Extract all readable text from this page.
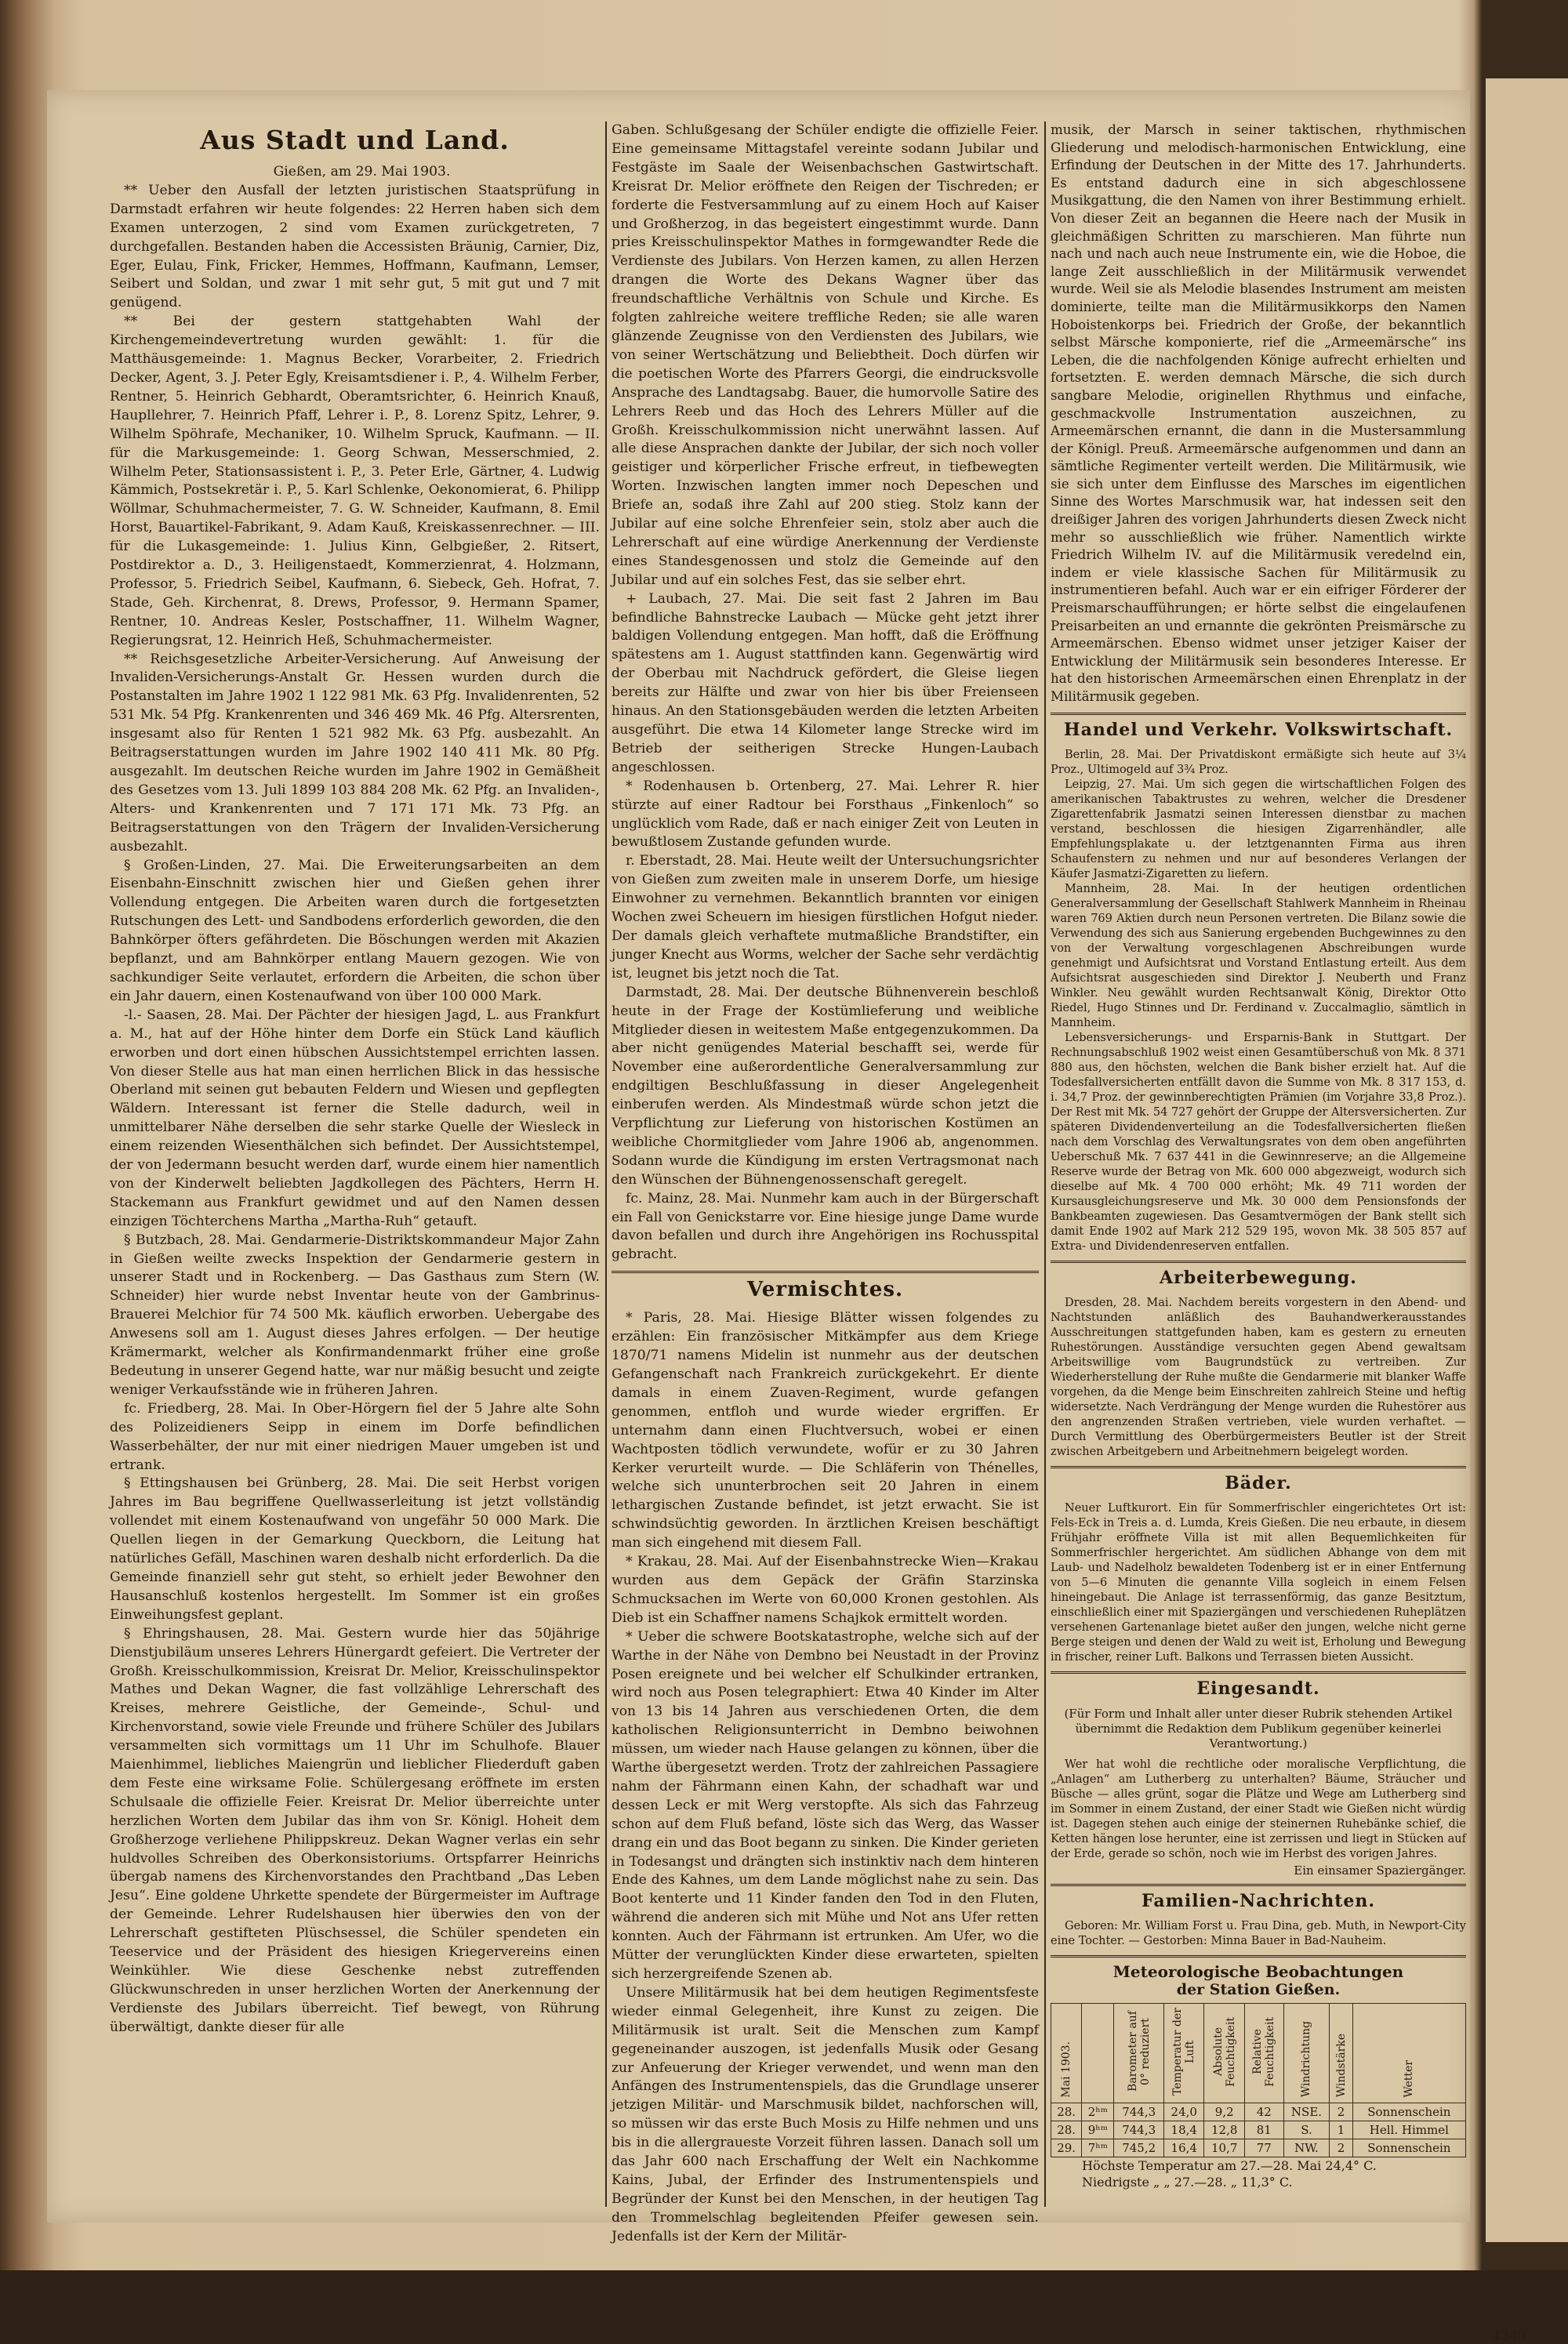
4340
Aus Stadt und Land.

Gießen, am 29. Mai 1903.

** Ueber den Ausfall der letzten juristischen Staatsprüfung in Darmstadt erfahren wir heute folgendes: 22 Herren haben sich dem Examen unterzogen, 2 sind vom Examen zurückgetreten, 7 durchgefallen. Bestanden haben die Accessisten Bräunig, Carnier, Diz, Eger, Eulau, Fink, Fricker, Hemmes, Hoffmann, Kaufmann, Lemser, Seibert und Soldan, und zwar 1 mit sehr gut, 5 mit gut und 7 mit genügend.

** Bei der gestern stattgehabten Wahl der Kirchengemeindevertretung wurden gewählt: 1. für die Matthäusgemeinde: 1. Magnus Becker, Vorarbeiter, 2. Friedrich Decker, Agent, 3. J. Peter Egly, Kreisamtsdiener i. P., 4. Wilhelm Ferber, Rentner, 5. Heinrich Gebhardt, Oberamtsrichter, 6. Heinrich Knauß, Haupllehrer, 7. Heinrich Pfaff, Lehrer i. P., 8. Lorenz Spitz, Lehrer, 9. Wilhelm Spöhrafe, Mechaniker, 10. Wilhelm Spruck, Kaufmann. — II. für die Markusgemeinde: 1. Georg Schwan, Messerschmied, 2. Wilhelm Peter, Stationsassistent i. P., 3. Peter Erle, Gärtner, 4. Ludwig Kämmich, Postsekretär i. P., 5. Karl Schlenke, Oekonomierat, 6. Philipp Wöllmar, Schuhmachermeister, 7. G. W. Schneider, Kaufmann, 8. Emil Horst, Bauartikel-Fabrikant, 9. Adam Kauß, Kreiskassenrechner. — III. für die Lukasgemeinde: 1. Julius Kinn, Gelbgießer, 2. Ritsert, Postdirektor a. D., 3. Heiligenstaedt, Kommerzienrat, 4. Holzmann, Professor, 5. Friedrich Seibel, Kaufmann, 6. Siebeck, Geh. Hofrat, 7. Stade, Geh. Kirchenrat, 8. Drews, Professor, 9. Hermann Spamer, Rentner, 10. Andreas Kesler, Postschaffner, 11. Wilhelm Wagner, Regierungsrat, 12. Heinrich Heß, Schuhmachermeister.

** Reichsgesetzliche Arbeiter-Versicherung. Auf Anweisung der Invaliden-Versicherungs-Anstalt Gr. Hessen wurden durch die Postanstalten im Jahre 1902 1 122 981 Mk. 63 Pfg. Invalidenrenten, 52 531 Mk. 54 Pfg. Krankenrenten und 346 469 Mk. 46 Pfg. Altersrenten, insgesamt also für Renten 1 521 982 Mk. 63 Pfg. ausbezahlt. An Beitragserstattungen wurden im Jahre 1902 140 411 Mk. 80 Pfg. ausgezahlt. Im deutschen Reiche wurden im Jahre 1902 in Gemäßheit des Gesetzes vom 13. Juli 1899 103 884 208 Mk. 62 Pfg. an Invaliden-, Alters- und Krankenrenten und 7 171 171 Mk. 73 Pfg. an Beitragserstattungen von den Trägern der Invaliden-Versicherung ausbezahlt.

§ Großen-Linden, 27. Mai. Die Erweiterungsarbeiten an dem Eisenbahn-Einschnitt zwischen hier und Gießen gehen ihrer Vollendung entgegen. Die Arbeiten waren durch die fortgesetzten Rutschungen des Lett- und Sandbodens erforderlich geworden, die den Bahnkörper öfters gefährdeten. Die Böschungen werden mit Akazien bepflanzt, und am Bahnkörper entlang Mauern gezogen. Wie von sachkundiger Seite verlautet, erfordern die Arbeiten, die schon über ein Jahr dauern, einen Kostenaufwand von über 100 000 Mark.

-l.- Saasen, 28. Mai. Der Pächter der hiesigen Jagd, L. aus Frankfurt a. M., hat auf der Höhe hinter dem Dorfe ein Stück Land käuflich erworben und dort einen hübschen Aussichtstempel errichten lassen. Von dieser Stelle aus hat man einen herrlichen Blick in das hessische Oberland mit seinen gut bebauten Feldern und Wiesen und gepflegten Wäldern. Interessant ist ferner die Stelle dadurch, weil in unmittelbarer Nähe derselben die sehr starke Quelle der Wiesleck in einem reizenden Wiesenthälchen sich befindet. Der Aussichtstempel, der von Jedermann besucht werden darf, wurde einem hier namentlich von der Kinderwelt beliebten Jagdkollegen des Pächters, Herrn H. Stackemann aus Frankfurt gewidmet und auf den Namen dessen einzigen Töchterchens Martha „Martha-Ruh“ getauft.

§ Butzbach, 28. Mai. Gendarmerie-Distriktskommandeur Major Zahn in Gießen weilte zwecks Inspektion der Gendarmerie gestern in unserer Stadt und in Rockenberg. — Das Gasthaus zum Stern (W. Schneider) hier wurde nebst Inventar heute von der Gambrinus-Brauerei Melchior für 74 500 Mk. käuflich erworben. Uebergabe des Anwesens soll am 1. August dieses Jahres erfolgen. — Der heutige Krämermarkt, welcher als Konfirmandenmarkt früher eine große Bedeutung in unserer Gegend hatte, war nur mäßig besucht und zeigte weniger Verkaufsstände wie in früheren Jahren.

fc. Friedberg, 28. Mai. In Ober-Hörgern fiel der 5 Jahre alte Sohn des Polizeidieners Seipp in einem im Dorfe befindlichen Wasserbehälter, der nur mit einer niedrigen Mauer umgeben ist und ertrank.

§ Ettingshausen bei Grünberg, 28. Mai. Die seit Herbst vorigen Jahres im Bau begriffene Quellwasserleitung ist jetzt vollständig vollendet mit einem Kostenaufwand von ungefähr 50 000 Mark. Die Quellen liegen in der Gemarkung Queckborn, die Leitung hat natürliches Gefäll, Maschinen waren deshalb nicht erforderlich. Da die Gemeinde finanziell sehr gut steht, so erhielt jeder Bewohner den Hausanschluß kostenlos hergestellt. Im Sommer ist ein großes Einweihungsfest geplant.

§ Ehringshausen, 28. Mai. Gestern wurde hier das 50jährige Dienstjubiläum unseres Lehrers Hünergardt gefeiert. Die Vertreter der Großh. Kreisschulkommission, Kreisrat Dr. Melior, Kreisschulinspektor Mathes und Dekan Wagner, die fast vollzählige Lehrerschaft des Kreises, mehrere Geistliche, der Gemeinde-, Schul- und Kirchenvorstand, sowie viele Freunde und frühere Schüler des Jubilars versammelten sich vormittags um 11 Uhr im Schulhofe. Blauer Maienhimmel, liebliches Maiengrün und lieblicher Fliederduft gaben dem Feste eine wirksame Folie. Schülergesang eröffnete im ersten Schulsaale die offizielle Feier. Kreisrat Dr. Melior überreichte unter herzlichen Worten dem Jubilar das ihm von Sr. Königl. Hoheit dem Großherzoge verliehene Philippskreuz. Dekan Wagner verlas ein sehr huldvolles Schreiben des Oberkonsistoriums. Ortspfarrer Heinrichs übergab namens des Kirchenvorstandes den Prachtband „Das Leben Jesu“. Eine goldene Uhrkette spendete der Bürgermeister im Auftrage der Gemeinde. Lehrer Rudelshausen hier überwies den von der Lehrerschaft gestifteten Plüschsessel, die Schüler spendeten ein Teeservice und der Präsident des hiesigen Kriegervereins einen Weinkühler. Wie diese Geschenke nebst zutreffenden Glückwunschreden in unser herzlichen Worten der Anerkennung der Verdienste des Jubilars überreicht. Tief bewegt, von Rührung überwältigt, dankte dieser für alle

Gaben. Schlußgesang der Schüler endigte die offizielle Feier. Eine gemeinsame Mittagstafel vereinte sodann Jubilar und Festgäste im Saale der Weisenbachschen Gastwirtschaft. Kreisrat Dr. Melior eröffnete den Reigen der Tischreden; er forderte die Festversammlung auf zu einem Hoch auf Kaiser und Großherzog, in das begeistert eingestimmt wurde. Dann pries Kreisschulinspektor Mathes in formgewandter Rede die Verdienste des Jubilars. Von Herzen kamen, zu allen Herzen drangen die Worte des Dekans Wagner über das freundschaftliche Verhältnis von Schule und Kirche. Es folgten zahlreiche weitere treffliche Reden; sie alle waren glänzende Zeugnisse von den Verdiensten des Jubilars, wie von seiner Wertschätzung und Beliebtheit. Doch dürfen wir die poetischen Worte des Pfarrers Georgi, die eindrucksvolle Ansprache des Landtagsabg. Bauer, die humorvolle Satire des Lehrers Reeb und das Hoch des Lehrers Müller auf die Großh. Kreisschulkommission nicht unerwähnt lassen. Auf alle diese Ansprachen dankte der Jubilar, der sich noch voller geistiger und körperlicher Frische erfreut, in tiefbewegten Worten. Inzwischen langten immer noch Depeschen und Briefe an, sodaß ihre Zahl auf 200 stieg. Stolz kann der Jubilar auf eine solche Ehrenfeier sein, stolz aber auch die Lehrerschaft auf eine würdige Anerkennung der Verdienste eines Standesgenossen und stolz die Gemeinde auf den Jubilar und auf ein solches Fest, das sie selber ehrt.

+ Laubach, 27. Mai. Die seit fast 2 Jahren im Bau befindliche Bahnstrecke Laubach — Mücke geht jetzt ihrer baldigen Vollendung entgegen. Man hofft, daß die Eröffnung spätestens am 1. August stattfinden kann. Gegenwärtig wird der Oberbau mit Nachdruck gefördert, die Gleise liegen bereits zur Hälfte und zwar von hier bis über Freienseen hinaus. An den Stationsgebäuden werden die letzten Arbeiten ausgeführt. Die etwa 14 Kilometer lange Strecke wird im Betrieb der seitherigen Strecke Hungen-Laubach angeschlossen.

* Rodenhausen b. Ortenberg, 27. Mai. Lehrer R. hier stürzte auf einer Radtour bei Forsthaus „Finkenloch“ so unglücklich vom Rade, daß er nach einiger Zeit von Leuten in bewußtlosem Zustande gefunden wurde.

r. Eberstadt, 28. Mai. Heute weilt der Untersuchungsrichter von Gießen zum zweiten male in unserem Dorfe, um hiesige Einwohner zu vernehmen. Bekanntlich brannten vor einigen Wochen zwei Scheuern im hiesigen fürstlichen Hofgut nieder. Der damals gleich verhaftete mutmaßliche Brandstifter, ein junger Knecht aus Worms, welcher der Sache sehr verdächtig ist, leugnet bis jetzt noch die Tat.

Darmstadt, 28. Mai. Der deutsche Bühnenverein beschloß heute in der Frage der Kostümlieferung und weibliche Mitglieder diesen in weitestem Maße entgegenzukommen. Da aber nicht genügendes Material beschafft sei, werde für November eine außerordentliche Generalversammlung zur endgiltigen Beschlußfassung in dieser Angelegenheit einberufen werden. Als Mindestmaß würde schon jetzt die Verpflichtung zur Lieferung von historischen Kostümen an weibliche Chormitglieder vom Jahre 1906 ab, angenommen. Sodann wurde die Kündigung im ersten Vertragsmonat nach den Wünschen der Bühnengenossenschaft geregelt.

fc. Mainz, 28. Mai. Nunmehr kam auch in der Bürgerschaft ein Fall von Genickstarre vor. Eine hiesige junge Dame wurde davon befallen und durch ihre Angehörigen ins Rochusspital gebracht.

Vermischtes.

* Paris, 28. Mai. Hiesige Blätter wissen folgendes zu erzählen: Ein französischer Mitkämpfer aus dem Kriege 1870/71 namens Midelin ist nunmehr aus der deutschen Gefangenschaft nach Frankreich zurückgekehrt. Er diente damals in einem Zuaven-Regiment, wurde gefangen genommen, entfloh und wurde wieder ergriffen. Er unternahm dann einen Fluchtversuch, wobei er einen Wachtposten tödlich verwundete, wofür er zu 30 Jahren Kerker verurteilt wurde. — Die Schläferin von Thénelles, welche sich ununterbrochen seit 20 Jahren in einem lethargischen Zustande befindet, ist jetzt erwacht. Sie ist schwindsüchtig geworden. In ärztlichen Kreisen beschäftigt man sich eingehend mit diesem Fall.

* Krakau, 28. Mai. Auf der Eisenbahnstrecke Wien—Krakau wurden aus dem Gepäck der Gräfin Starzinska Schmucksachen im Werte von 60,000 Kronen gestohlen. Als Dieb ist ein Schaffner namens Schajkok ermittelt worden.

* Ueber die schwere Bootskatastrophe, welche sich auf der Warthe in der Nähe von Dembno bei Neustadt in der Provinz Posen ereignete und bei welcher elf Schulkinder ertranken, wird noch aus Posen telegraphiert: Etwa 40 Kinder im Alter von 13 bis 14 Jahren aus verschiedenen Orten, die dem katholischen Religionsunterricht in Dembno beiwohnen müssen, um wieder nach Hause gelangen zu können, über die Warthe übergesetzt werden. Trotz der zahlreichen Passagiere nahm der Fährmann einen Kahn, der schadhaft war und dessen Leck er mit Werg verstopfte. Als sich das Fahrzeug schon auf dem Fluß befand, löste sich das Werg, das Wasser drang ein und das Boot begann zu sinken. Die Kinder gerieten in Todesangst und drängten sich instinktiv nach dem hinteren Ende des Kahnes, um dem Lande möglichst nahe zu sein. Das Boot kenterte und 11 Kinder fanden den Tod in den Fluten, während die anderen sich mit Mühe und Not ans Ufer retten konnten. Auch der Fährmann ist ertrunken. Am Ufer, wo die Mütter der verunglückten Kinder diese erwarteten, spielten sich herzergreifende Szenen ab.

Unsere Militärmusik hat bei dem heutigen Regimentsfeste wieder einmal Gelegenheit, ihre Kunst zu zeigen. Die Militärmusik ist uralt. Seit die Menschen zum Kampf gegeneinander auszogen, ist jedenfalls Musik oder Gesang zur Anfeuerung der Krieger verwendet, und wenn man den Anfängen des Instrumentenspiels, das die Grundlage unserer jetzigen Militär- und Marschmusik bildet, nachforschen will, so müssen wir das erste Buch Mosis zu Hilfe nehmen und uns bis in die allergraueste Vorzeit führen lassen. Danach soll um das Jahr 600 nach Erschaffung der Welt ein Nachkomme Kains, Jubal, der Erfinder des Instrumentenspiels und Begründer der Kunst bei den Menschen, in der heutigen Tag den Trommelschlag begleitenden Pfeifer gewesen sein. Jedenfalls ist der Kern der Militär-

musik, der Marsch in seiner taktischen, rhythmischen Gliederung und melodisch-harmonischen Entwicklung, eine Erfindung der Deutschen in der Mitte des 17. Jahrhunderts. Es entstand dadurch eine in sich abgeschlossene Musikgattung, die den Namen von ihrer Bestimmung erhielt. Von dieser Zeit an begannen die Heere nach der Musik in gleichmäßigen Schritten zu marschieren. Man führte nun nach und nach auch neue Instrumente ein, wie die Hoboe, die lange Zeit ausschließlich in der Militärmusik verwendet wurde. Weil sie als Melodie blasendes Instrument am meisten dominierte, teilte man die Militärmusikkorps den Namen Hoboistenkorps bei. Friedrich der Große, der bekanntlich selbst Märsche komponierte, rief die „Armeemärsche“ ins Leben, die die nachfolgenden Könige aufrecht erhielten und fortsetzten. E. werden demnach Märsche, die sich durch sangbare Melodie, originellen Rhythmus und einfache, geschmackvolle Instrumentation auszeichnen, zu Armeemärschen ernannt, die dann in die Mustersammlung der Königl. Preuß. Armeemärsche aufgenommen und dann an sämtliche Regimenter verteilt werden. Die Militärmusik, wie sie sich unter dem Einflusse des Marsches im eigentlichen Sinne des Wortes Marschmusik war, hat indessen seit den dreißiger Jahren des vorigen Jahrhunderts diesen Zweck nicht mehr so ausschließlich wie früher. Namentlich wirkte Friedrich Wilhelm IV. auf die Militärmusik veredelnd ein, indem er viele klassische Sachen für Militärmusik zu instrumentieren befahl. Auch war er ein eifriger Förderer der Preismarschaufführungen; er hörte selbst die eingelaufenen Preisarbeiten an und ernannte die gekrönten Preismärsche zu Armeemärschen. Ebenso widmet unser jetziger Kaiser der Entwicklung der Militärmusik sein besonderes Interesse. Er hat den historischen Armeemärschen einen Ehrenplatz in der Militärmusik gegeben.

Handel und Verkehr. Volkswirtschaft.

Berlin, 28. Mai. Der Privatdiskont ermäßigte sich heute auf 3¼ Proz., Ultimogeld auf 3¾ Proz.

Leipzig, 27. Mai. Um sich gegen die wirtschaftlichen Folgen des amerikanischen Tabaktrustes zu wehren, welcher die Dresdener Zigarettenfabrik Jasmatzi seinen Interessen dienstbar zu machen verstand, beschlossen die hiesigen Zigarrenhändler, alle Empfehlungsplakate u. der letztgenannten Firma aus ihren Schaufenstern zu nehmen und nur auf besonderes Verlangen der Käufer Jasmatzi-Zigaretten zu liefern.

Mannheim, 28. Mai. In der heutigen ordentlichen Generalversammlung der Gesellschaft Stahlwerk Mannheim in Rheinau waren 769 Aktien durch neun Personen vertreten. Die Bilanz sowie die Verwendung des sich aus Sanierung ergebenden Buchgewinnes zu den von der Verwaltung vorgeschlagenen Abschreibungen wurde genehmigt und Aufsichtsrat und Vorstand Entlastung erteilt. Aus dem Aufsichtsrat ausgeschieden sind Direktor J. Neuberth und Franz Winkler. Neu gewählt wurden Rechtsanwalt König, Direktor Otto Riedel, Hugo Stinnes und Dr. Ferdinand v. Zuccalmaglio, sämtlich in Mannheim.

Lebensversicherungs- und Ersparnis-Bank in Stuttgart. Der Rechnungsabschluß 1902 weist einen Gesamtüberschuß von Mk. 8 371 880 aus, den höchsten, welchen die Bank bisher erzielt hat. Auf die Todesfallversicherten entfällt davon die Summe von Mk. 8 317 153, d. i. 34,7 Proz. der gewinnberechtigten Prämien (im Vorjahre 33,8 Proz.). Der Rest mit Mk. 54 727 gehört der Gruppe der Altersversicherten. Zur späteren Dividendenverteilung an die Todesfallversicherten fließen nach dem Vorschlag des Verwaltungsrates von dem oben angeführten Ueberschuß Mk. 7 637 441 in die Gewinnreserve; an die Allgemeine Reserve wurde der Betrag von Mk. 600 000 abgezweigt, wodurch sich dieselbe auf Mk. 4 700 000 erhöht; Mk. 49 711 worden der Kursausgleichungsreserve und Mk. 30 000 dem Pensionsfonds der Bankbeamten zugewiesen. Das Gesamtvermögen der Bank stellt sich damit Ende 1902 auf Mark 212 529 195, wovon Mk. 38 505 857 auf Extra- und Dividendenreserven entfallen.

Arbeiterbewegung.

Dresden, 28. Mai. Nachdem bereits vorgestern in den Abend- und Nachtstunden anläßlich des Bauhandwerkerausstandes Ausschreitungen stattgefunden haben, kam es gestern zu erneuten Ruhestörungen. Ausständige versuchten gegen Abend gewaltsam Arbeitswillige vom Baugrundstück zu vertreiben. Zur Wiederherstellung der Ruhe mußte die Gendarmerie mit blanker Waffe vorgehen, da die Menge beim Einschreiten zahlreich Steine und heftig widersetzte. Nach Verdrängung der Menge wurden die Ruhestörer aus den angrenzenden Straßen vertrieben, viele wurden verhaftet. — Durch Vermittlung des Oberbürgermeisters Beutler ist der Streit zwischen Arbeitgebern und Arbeitnehmern beigelegt worden.

Bäder.

Neuer Luftkurort. Ein für Sommerfrischler eingerichtetes Ort ist: Fels-Eck in Treis a. d. Lumda, Kreis Gießen. Die neu erbaute, in diesem Frühjahr eröffnete Villa ist mit allen Bequemlichkeiten für Sommerfrischler hergerichtet. Am südlichen Abhange von dem mit Laub- und Nadelholz bewaldeten Todenberg ist er in einer Entfernung von 5—6 Minuten die genannte Villa sogleich in einem Felsen hineingebaut. Die Anlage ist terrassenförmig, das ganze Besitztum, einschließlich einer mit Spaziergängen und verschiedenen Ruheplätzen versehenen Gartenanlage bietet außer den jungen, welche nicht gerne Berge steigen und denen der Wald zu weit ist, Erholung und Bewegung in frischer, reiner Luft. Balkons und Terrassen bieten Aussicht.

Eingesandt.
(Für Form und Inhalt aller unter dieser Rubrik stehenden Artikel übernimmt die Redaktion dem Publikum gegenüber keinerlei Verantwortung.)

Wer hat wohl die rechtliche oder moralische Verpflichtung, die „Anlagen“ am Lutherberg zu unterhalten? Bäume, Sträucher und Büsche — alles grünt, sogar die Plätze und Wege am Lutherberg sind im Sommer in einem Zustand, der einer Stadt wie Gießen nicht würdig ist. Dagegen stehen auch einige der steinernen Ruhebänke schief, die Ketten hängen lose herunter, eine ist zerrissen und liegt in Stücken auf der Erde, gerade so schön, noch wie im Herbst des vorigen Jahres.

Ein einsamer Spaziergänger.
Familien-Nachrichten.

Geboren: Mr. William Forst u. Frau Dina, geb. Muth, in Newport-City eine Tochter. — Gestorben: Minna Bauer in Bad-Nauheim.

Meteorologische Beobachtungen
der Station Gießen.
Mai 1903.		Barometer auf 0° reduziert	Temperatur der Luft	Absolute Feuchtigkeit	Relative Feuchtigkeit	Windrichtung	Windstärke	Wetter
28.	2ʰᵐ	744,3	24,0	9,2	42	NSE.	2	Sonnenschein
28.	9ʰᵐ	744,3	18,4	12,8	81	S.	1	Hell. Himmel
29.	7ʰᵐ	745,2	16,4	10,7	77	NW.	2	Sonnenschein
Höchste Temperatur am 27.—28. Mai 24,4° C.
Niedrigste „ „ 27.—28. „ 11,3° C.
